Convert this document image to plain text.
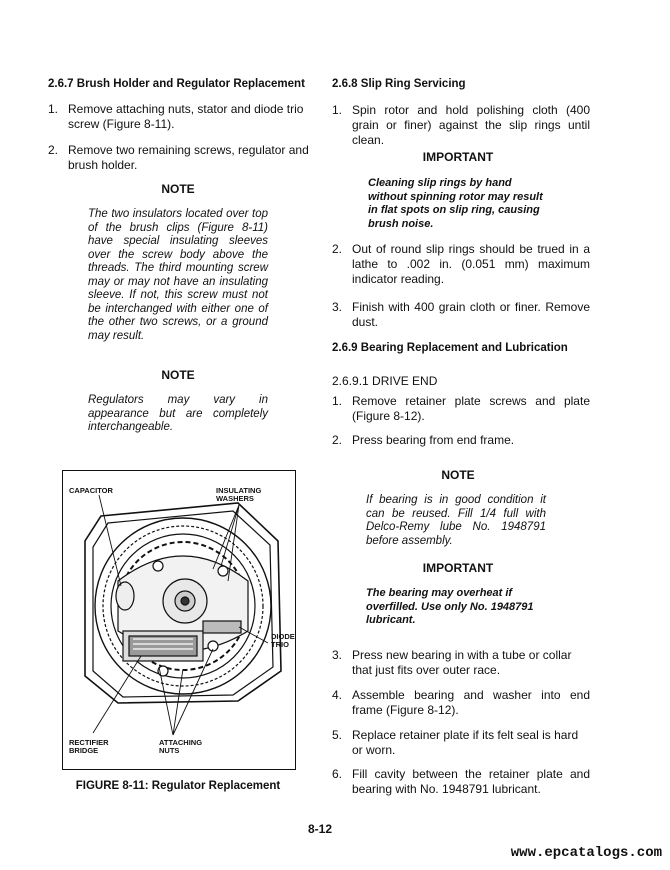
2.6.7 Brush Holder and Regulator Replacement
1. Remove attaching nuts, stator and diode trio screw (Figure 8-11).
2. Remove two remaining screws, regulator and brush holder.
NOTE
The two insulators located over top of the brush clips (Figure 8-11) have special insulating sleeves over the screw body above the threads. The third mounting screw may or may not have an insulating sleeve. If not, this screw must not be interchanged with either one of the other two screws, or a ground may result.
NOTE
Regulators may vary in appearance but are completely interchangeable.
CAPACITOR	INSULATING WASHERS
DIODE TRIO
RECTIFIER BRIDGE
ATTACHING NUTS
FIGURE 8-11: Regulator Replacement
2.6.8 Slip Ring Servicing
1. Spin rotor and hold polishing cloth (400 grain or finer) against the slip rings until clean.
IMPORTANT
Cleaning slip rings by hand without spinning rotor may result in flat spots on slip ring, causing brush noise.
2. Out of round slip rings should be trued in a lathe to .002 in. (0.051 mm) maximum indicator reading.
3. Finish with 400 grain cloth or finer. Remove dust.
2.6.9 Bearing Replacement and Lubrication
2.6.9.1 DRIVE END
1. Remove retainer plate screws and plate (Figure 8-12).
2. Press bearing from end frame.
NOTE
If bearing is in good condition it can be reused. Fill 1/4 full with Delco-Remy lube No. 1948791 before assembly.
IMPORTANT
The bearing may overheat if overfilled. Use only No. 1948791 lubricant.
3. Press new bearing in with a tube or collar that just fits over outer race.
4. Assemble bearing and washer into end frame (Figure 8-12).
5. Replace retainer plate if its felt seal is hard or worn.
6. Fill cavity between the retainer plate and bearing with No. 1948791 lubricant.
8-12
www.epcatalogs.com
